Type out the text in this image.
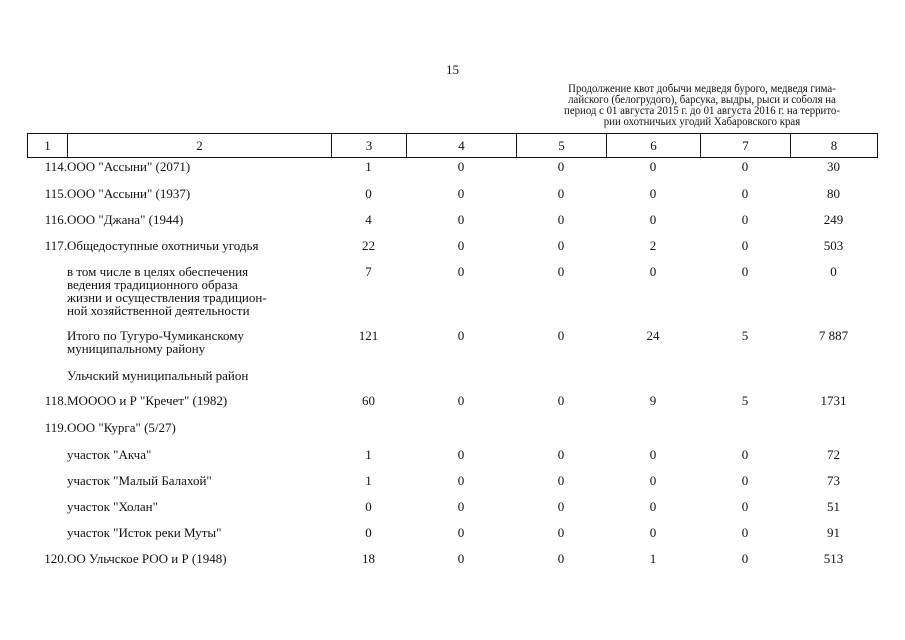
15
Продолжение квот добычи медведя бурого, медведя гима-
лайского (белогрудого), барсука, выдры, рыси и соболя на
период с 01 августа 2015 г. до 01 августа 2016 г. на террито-
рии охотничьих угодий Хабаровского края
1	2	3	4	5	6	7	8
114.	ООО "Ассыни" (2071)	1	0	0	0	0	30
115.	ООО "Ассыни" (1937)	0	0	0	0	0	80
116.	ООО "Джана" (1944)	4	0	0	0	0	249
117.	Общедоступные охотничьи угодья	22	0	0	2	0	503

	в том числе в целях обеспечения
ведения традиционного образа
жизни и осуществления традицион-
ной хозяйственной деятельности	7	0	0	0	0	0

	Итого по Тугуро-Чумиканскому
муниципальному району	121	0	0	24	5	7 887
	Ульчский муниципальный район						
118.	МОООО и Р "Кречет" (1982)	60	0	0	9	5	1731
119.	ООО "Курга" (5/27)						
	участок "Акча"	1	0	0	0	0	72
	участок "Малый Балахой"	1	0	0	0	0	73
	участок "Холан"	0	0	0	0	0	51
	участок "Исток реки Муты"	0	0	0	0	0	91
120.	ОО Ульчское РОО и Р (1948)	18	0	0	1	0	513
